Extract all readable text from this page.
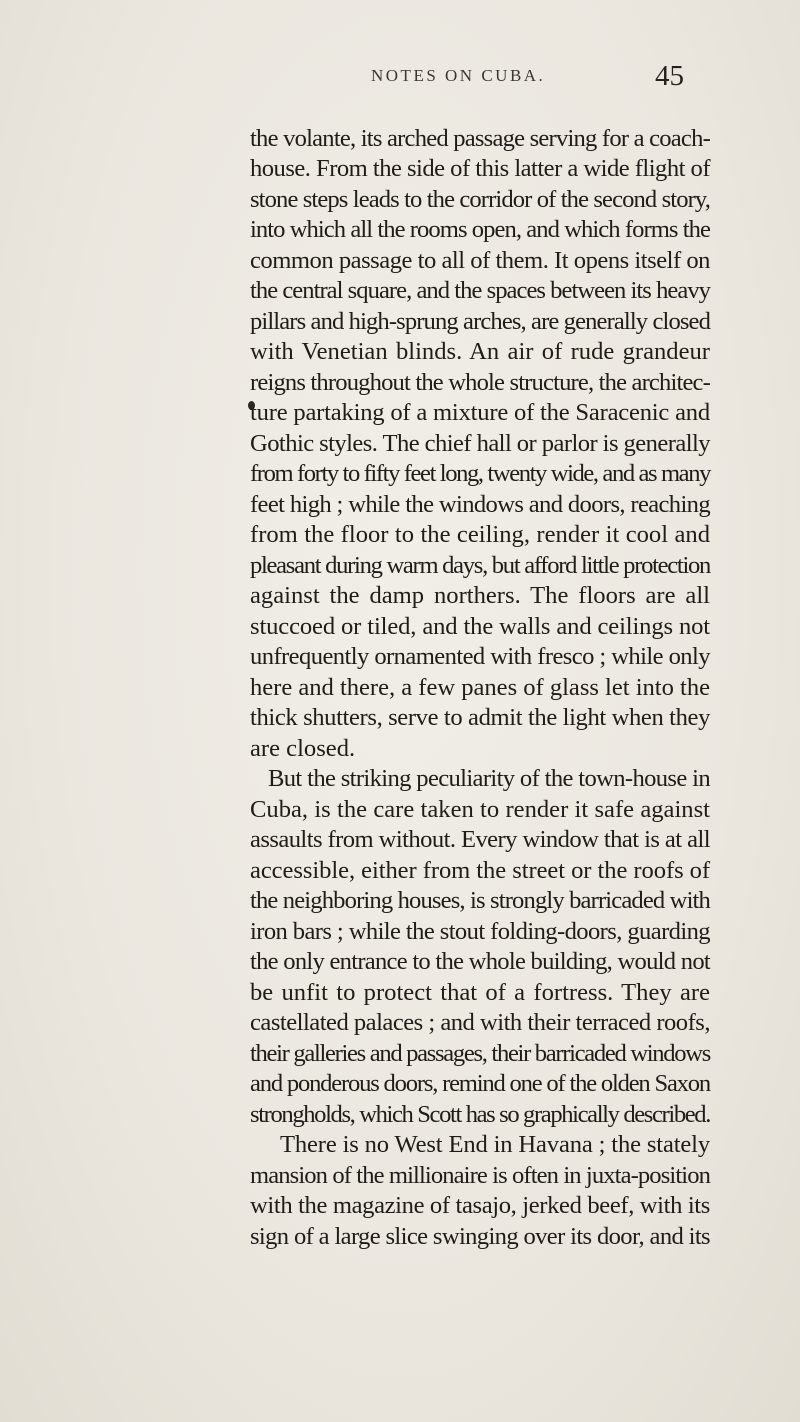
NOTES ON CUBA.	45
the volante, its arched passage serving for a coach-
house. From the side of this latter a wide flight of
stone steps leads to the corridor of the second story,
into which all the rooms open, and which forms the
common passage to all of them. It opens itself on
the central square, and the spaces between its heavy
pillars and high-sprung arches, are generally closed
with Venetian blinds. An air of rude grandeur
reigns throughout the whole structure, the architec-
ture partaking of a mixture of the Saracenic and
Gothic styles. The chief hall or parlor is generally
from forty to fifty feet long, twenty wide, and as many
feet high ; while the windows and doors, reaching
from the floor to the ceiling, render it cool and
pleasant during warm days, but afford little protection
against the damp northers. The floors are all
stuccoed or tiled, and the walls and ceilings not
unfrequently ornamented with fresco ; while only
here and there, a few panes of glass let into the
thick shutters, serve to admit the light when they
are closed.
But the striking peculiarity of the town-house in
Cuba, is the care taken to render it safe against
assaults from without. Every window that is at all
accessible, either from the street or the roofs of
the neighboring houses, is strongly barricaded with
iron bars ; while the stout folding-doors, guarding
the only entrance to the whole building, would not
be unfit to protect that of a fortress. They are
castellated palaces ; and with their terraced roofs,
their galleries and passages, their barricaded windows
and ponderous doors, remind one of the olden Saxon
strongholds, which Scott has so graphically described.
There is no West End in Havana ; the stately
mansion of the millionaire is often in juxta-position
with the magazine of tasajo, jerked beef, with its
sign of a large slice swinging over its door, and its
